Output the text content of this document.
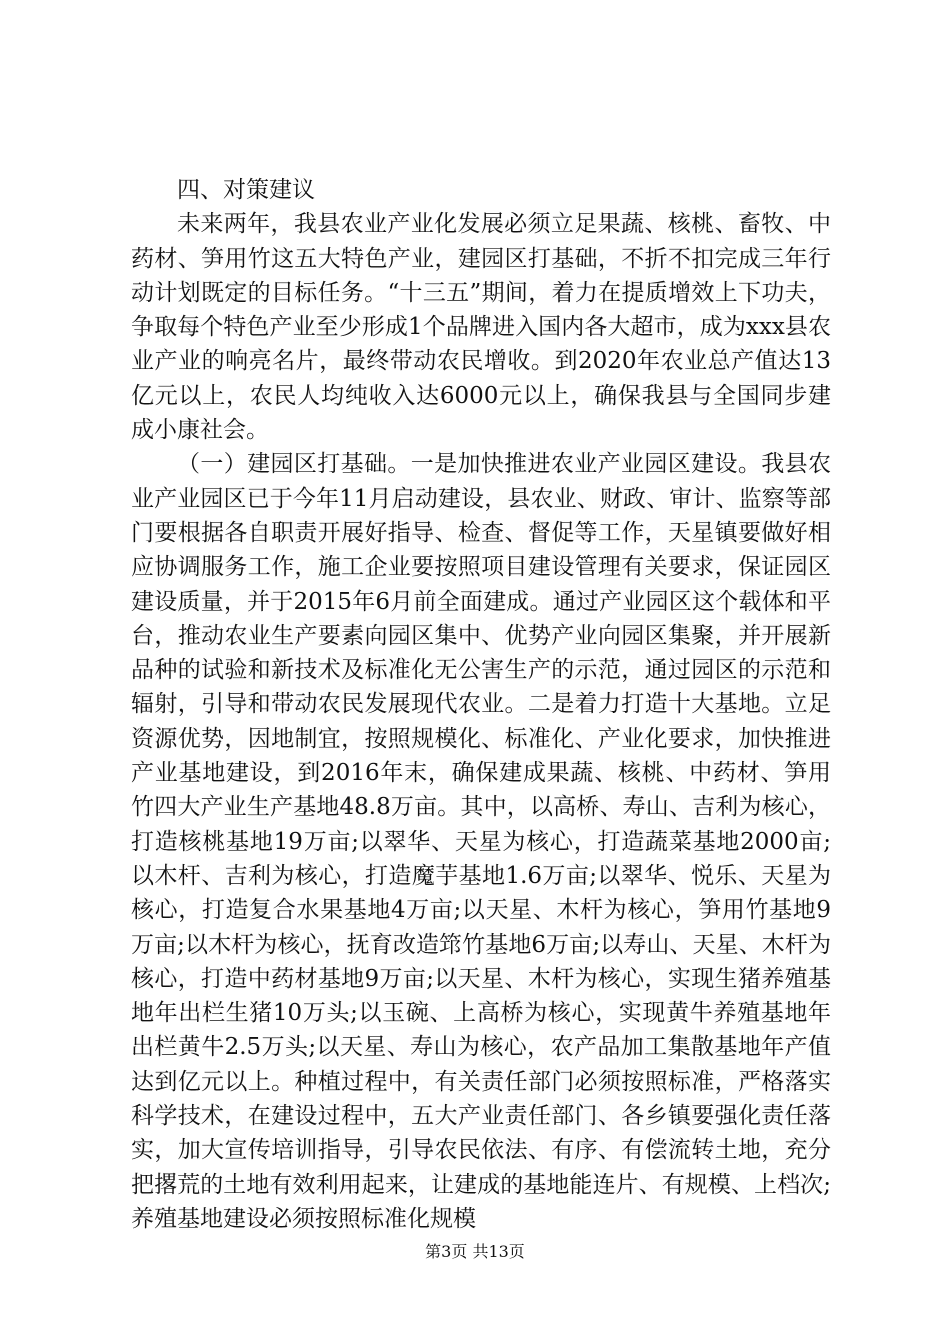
四、对策建议

未来两年，我县农业产业化发展必须立足果蔬、核桃、畜牧、中药材、笋用竹这五大特色产业，建园区打基础，不折不扣完成三年行动计划既定的目标任务。“十三五”期间，着力在提质增效上下功夫，争取每个特色产业至少形成1个品牌进入国内各大超市，成为xxx县农业产业的响亮名片，最终带动农民增收。到2020年农业总产值达13亿元以上，农民人均纯收入达6000元以上，确保我县与全国同步建成小康社会。

（一）建园区打基础。一是加快推进农业产业园区建设。我县农业产业园区已于今年11月启动建设，县农业、财政、审计、监察等部门要根据各自职责开展好指导、检查、督促等工作，天星镇要做好相应协调服务工作，施工企业要按照项目建设管理有关要求，保证园区建设质量，并于2015年6月前全面建成。通过产业园区这个载体和平台，推动农业生产要素向园区集中、优势产业向园区集聚，并开展新品种的试验和新技术及标准化无公害生产的示范，通过园区的示范和辐射，引导和带动农民发展现代农业。二是着力打造十大基地。立足资源优势，因地制宜，按照规模化、标准化、产业化要求，加快推进产业基地建设，到2016年末，确保建成果蔬、核桃、中药材、笋用竹四大产业生产基地48.8万亩。其中，以高桥、寿山、吉利为核心，打造核桃基地19万亩;以翠华、天星为核心，打造蔬菜基地2000亩;以木杆、吉利为核心，打造魔芋基地1.6万亩;以翠华、悦乐、天星为核心，打造复合水果基地4万亩;以天星、木杆为核心，笋用竹基地9万亩;以木杆为核心，抚育改造筇竹基地6万亩;以寿山、天星、木杆为核心，打造中药材基地9万亩;以天星、木杆为核心，实现生猪养殖基地年出栏生猪10万头;以玉碗、上高桥为核心，实现黄牛养殖基地年出栏黄牛2.5万头;以天星、寿山为核心，农产品加工集散基地年产值达到亿元以上。种植过程中，有关责任部门必须按照标准，严格落实科学技术，在建设过程中，五大产业责任部门、各乡镇要强化责任落实，加大宣传培训指导，引导农民依法、有序、有偿流转土地，充分把撂荒的土地有效利用起来，让建成的基地能连片、有规模、上档次;养殖基地建设必须按照标准化规模

第3页 共13页
